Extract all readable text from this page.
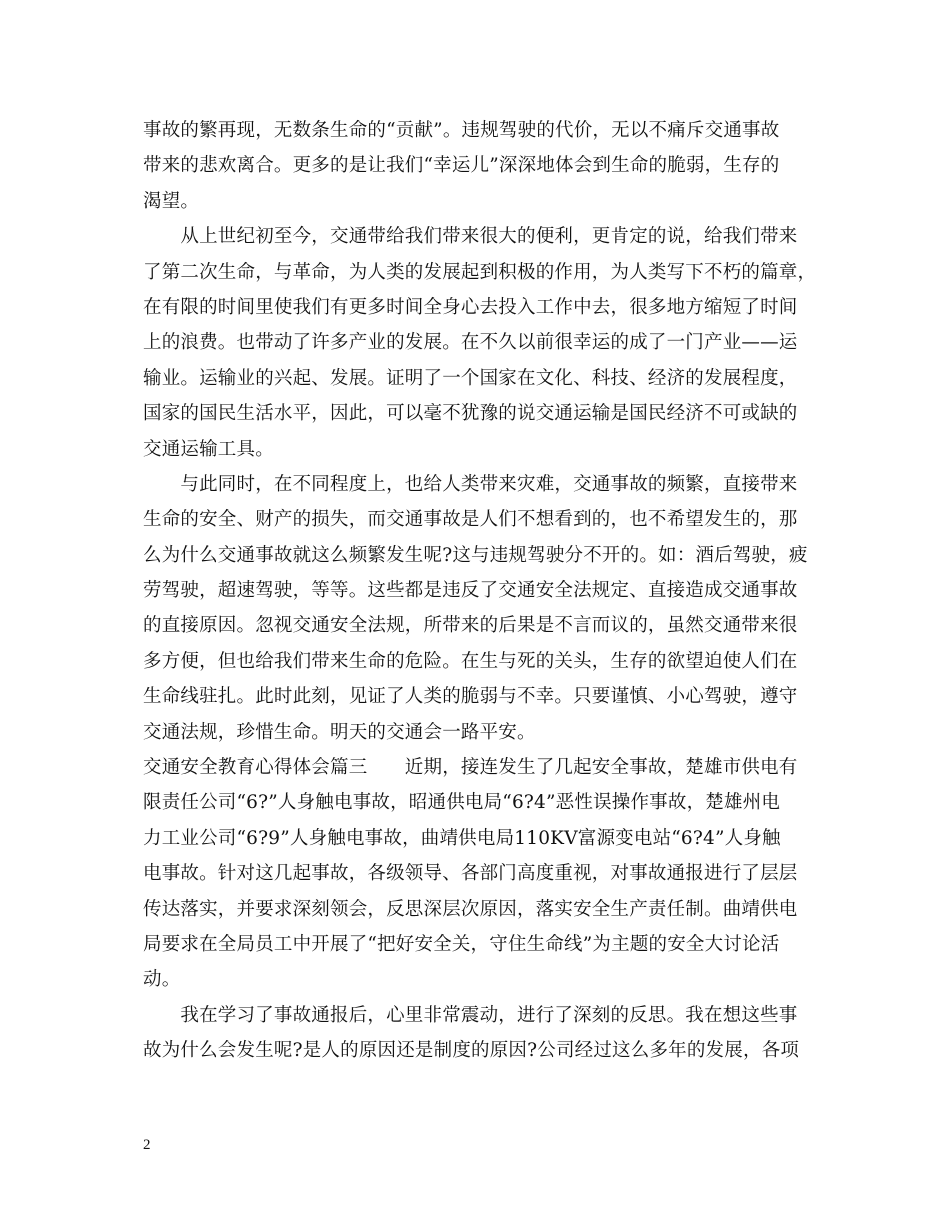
事故的繁再现，无数条生命的“贡献”。违规驾驶的代价，无以不痛斥交通事故
带来的悲欢离合。更多的是让我们“幸运儿”深深地体会到生命的脆弱，生存的
渴望。
　　从上世纪初至今，交通带给我们带来很大的便利，更肯定的说，给我们带来
了第二次生命，与革命，为人类的发展起到积极的作用，为人类写下不朽的篇章，
在有限的时间里使我们有更多时间全身心去投入工作中去，很多地方缩短了时间
上的浪费。也带动了许多产业的发展。在不久以前很幸运的成了一门产业——运
输业。运输业的兴起、发展。证明了一个国家在文化、科技、经济的发展程度，
国家的国民生活水平，因此，可以毫不犹豫的说交通运输是国民经济不可或缺的
交通运输工具。
　　与此同时，在不同程度上，也给人类带来灾难，交通事故的频繁，直接带来
生命的安全、财产的损失，而交通事故是人们不想看到的，也不希望发生的，那
么为什么交通事故就这么频繁发生呢?这与违规驾驶分不开的。如：酒后驾驶，疲
劳驾驶，超速驾驶，等等。这些都是违反了交通安全法规定、直接造成交通事故
的直接原因。忽视交通安全法规，所带来的后果是不言而议的，虽然交通带来很
多方便，但也给我们带来生命的危险。在生与死的关头，生存的欲望迫使人们在
生命线驻扎。此时此刻，见证了人类的脆弱与不幸。只要谨慎、小心驾驶，遵守
交通法规，珍惜生命。明天的交通会一路平安。
交通安全教育心得体会篇三　　近期，接连发生了几起安全事故，楚雄市供电有
限责任公司“6?”人身触电事故，昭通供电局“6?4”恶性误操作事故，楚雄州电
力工业公司“6?9”人身触电事故，曲靖供电局110KV富源变电站“6?4”人身触
电事故。针对这几起事故，各级领导、各部门高度重视，对事故通报进行了层层
传达落实，并要求深刻领会，反思深层次原因，落实安全生产责任制。曲靖供电
局要求在全局员工中开展了“把好安全关，守住生命线”为主题的安全大讨论活
动。
　　我在学习了事故通报后，心里非常震动，进行了深刻的反思。我在想这些事
故为什么会发生呢?是人的原因还是制度的原因?公司经过这么多年的发展，各项
2
